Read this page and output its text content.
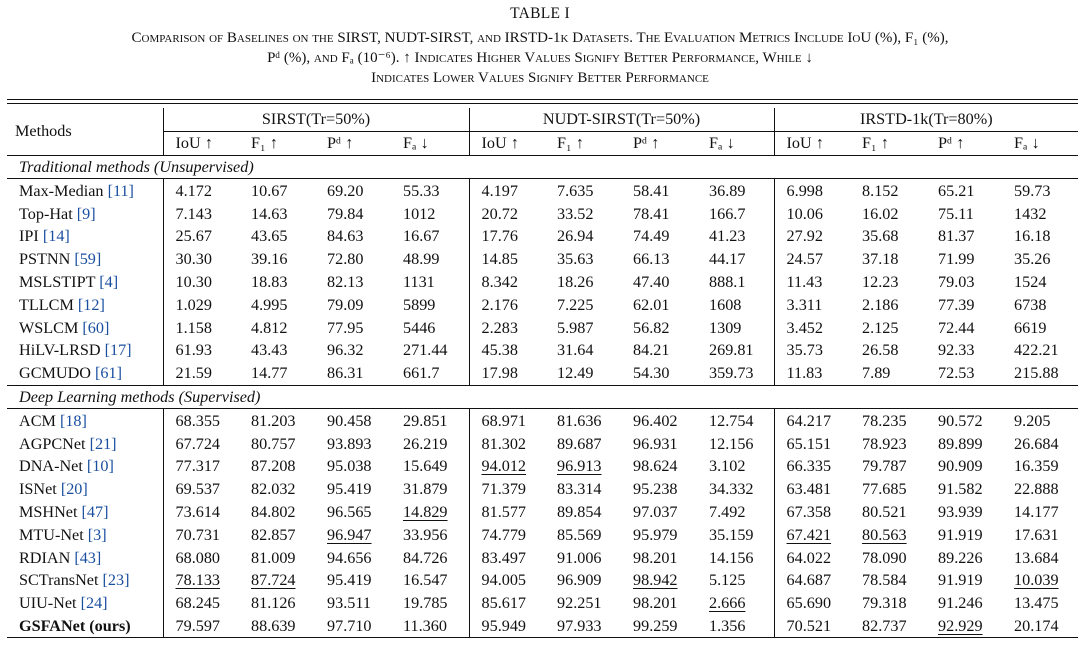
TABLE I
Comparison of Baselines on the SIRST, NUDT-SIRST, and IRSTD-1k Datasets. The Evaluation Metrics Include IoU (%), F₁ (%),
Pᵈ (%), and Fₐ (10⁻⁶). ↑ Indicates Higher Values Signify Better Performance, While ↓
Indicates Lower Values Signify Better Performance
Methods	SIRST(Tr=50%)				NUDT-SIRST(Tr=50%)				IRSTD-1k(Tr=80%)			
	IoU ↑	F₁ ↑	Pᵈ ↑	Fₐ ↓	IoU ↑	F₁ ↑	Pᵈ ↑	Fₐ ↓	IoU ↑	F₁ ↑	Pᵈ ↑	Fₐ ↓
Traditional methods (Unsupervised)												
Max-Median [11]	4.172	10.67	69.20	55.33	4.197	7.635	58.41	36.89	6.998	8.152	65.21	59.73
Top-Hat [9]	7.143	14.63	79.84	1012	20.72	33.52	78.41	166.7	10.06	16.02	75.11	1432
IPI [14]	25.67	43.65	84.63	16.67	17.76	26.94	74.49	41.23	27.92	35.68	81.37	16.18
PSTNN [59]	30.30	39.16	72.80	48.99	14.85	35.63	66.13	44.17	24.57	37.18	71.99	35.26
MSLSTIPT [4]	10.30	18.83	82.13	1131	8.342	18.26	47.40	888.1	11.43	12.23	79.03	1524
TLLCM [12]	1.029	4.995	79.09	5899	2.176	7.225	62.01	1608	3.311	2.186	77.39	6738
WSLCM [60]	1.158	4.812	77.95	5446	2.283	5.987	56.82	1309	3.452	2.125	72.44	6619
HiLV-LRSD [17]	61.93	43.43	96.32	271.44	45.38	31.64	84.21	269.81	35.73	26.58	92.33	422.21
GCMUDO [61]	21.59	14.77	86.31	661.7	17.98	12.49	54.30	359.73	11.83	7.89	72.53	215.88
Deep Learning methods (Supervised)												
ACM [18]	68.355	81.203	90.458	29.851	68.971	81.636	96.402	12.754	64.217	78.235	90.572	9.205
AGPCNet [21]	67.724	80.757	93.893	26.219	81.302	89.687	96.931	12.156	65.151	78.923	89.899	26.684
DNA-Net [10]	77.317	87.208	95.038	15.649	94.012	96.913	98.624	3.102	66.335	79.787	90.909	16.359
ISNet [20]	69.537	82.032	95.419	31.879	71.379	83.314	95.238	34.332	63.481	77.685	91.582	22.888
MSHNet [47]	73.614	84.802	96.565	14.829	81.577	89.854	97.037	7.492	67.358	80.521	93.939	14.177
MTU-Net [3]	70.731	82.857	96.947	33.956	74.779	85.569	95.979	35.159	67.421	80.563	91.919	17.631
RDIAN [43]	68.080	81.009	94.656	84.726	83.497	91.006	98.201	14.156	64.022	78.090	89.226	13.684
SCTransNet [23]	78.133	87.724	95.419	16.547	94.005	96.909	98.942	5.125	64.687	78.584	91.919	10.039
UIU-Net [24]	68.245	81.126	93.511	19.785	85.617	92.251	98.201	2.666	65.690	79.318	91.246	13.475
GSFANet (ours)	79.597	88.639	97.710	11.360	95.949	97.933	99.259	1.356	70.521	82.737	92.929	20.174
